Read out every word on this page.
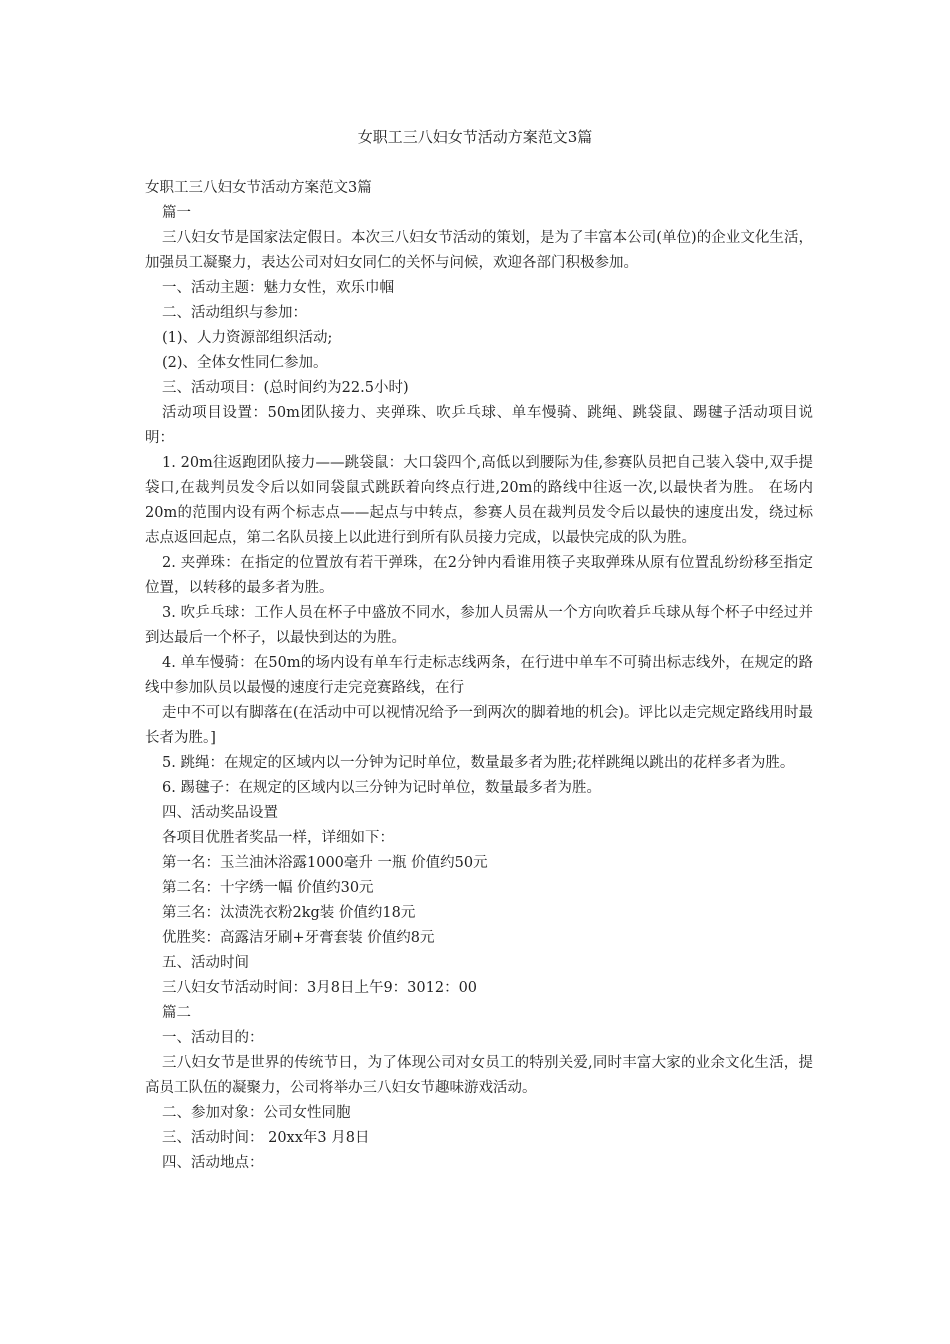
女职工三八妇女节活动方案范文3篇

女职工三八妇女节活动方案范文3篇

篇一

三八妇女节是国家法定假日。本次三八妇女节活动的策划，是为了丰富本公司(单位)的企业文化生活，加强员工凝聚力，表达公司对妇女同仁的关怀与问候，欢迎各部门积极参加。

一、活动主题：魅力女性，欢乐巾帼

二、活动组织与参加：

(1)、人力资源部组织活动;

(2)、全体女性同仁参加。

三、活动项目：(总时间约为22.5小时)

活动项目设置：50m团队接力、夹弹珠、吹乒乓球、单车慢骑、跳绳、跳袋鼠、踢毽子活动项目说明：

1. 20m往返跑团队接力——跳袋鼠：大口袋四个,高低以到腰际为佳,参赛队员把自己装入袋中,双手提袋口,在裁判员发令后以如同袋鼠式跳跃着向终点行进,20m的路线中往返一次,以最快者为胜。 在场内20m的范围内设有两个标志点——起点与中转点，参赛人员在裁判员发令后以最快的速度出发，绕过标志点返回起点，第二名队员接上以此进行到所有队员接力完成，以最快完成的队为胜。

2. 夹弹珠：在指定的位置放有若干弹珠，在2分钟内看谁用筷子夹取弹珠从原有位置乱纷纷移至指定位置，以转移的最多者为胜。

3. 吹乒乓球：工作人员在杯子中盛放不同水，参加人员需从一个方向吹着乒乓球从每个杯子中经过并到达最后一个杯子，以最快到达的为胜。

4. 单车慢骑：在50m的场内设有单车行走标志线两条，在行进中单车不可骑出标志线外，在规定的路线中参加队员以最慢的速度行走完竞赛路线，在行

走中不可以有脚落在(在活动中可以视情况给予一到两次的脚着地的机会)。评比以走完规定路线用时最长者为胜。]

5. 跳绳：在规定的区域内以一分钟为记时单位，数量最多者为胜;花样跳绳以跳出的花样多者为胜。

6. 踢毽子：在规定的区域内以三分钟为记时单位，数量最多者为胜。

四、活动奖品设置

各项目优胜者奖品一样，详细如下：

第一名：玉兰油沐浴露1000毫升 一瓶 价值约50元

第二名：十字绣一幅 价值约30元

第三名：汰渍洗衣粉2kg装 价值约18元

优胜奖：高露洁牙刷+牙膏套装 价值约8元

五、活动时间

三八妇女节活动时间：3月8日上午9：3012：00

篇二

一、活动目的：

三八妇女节是世界的传统节日，为了体现公司对女员工的特别关爱,同时丰富大家的业余文化生活，提高员工队伍的凝聚力，公司将举办三八妇女节趣味游戏活动。

二、参加对象：公司女性同胞

三、活动时间： 20xx年3 月8日

四、活动地点：
